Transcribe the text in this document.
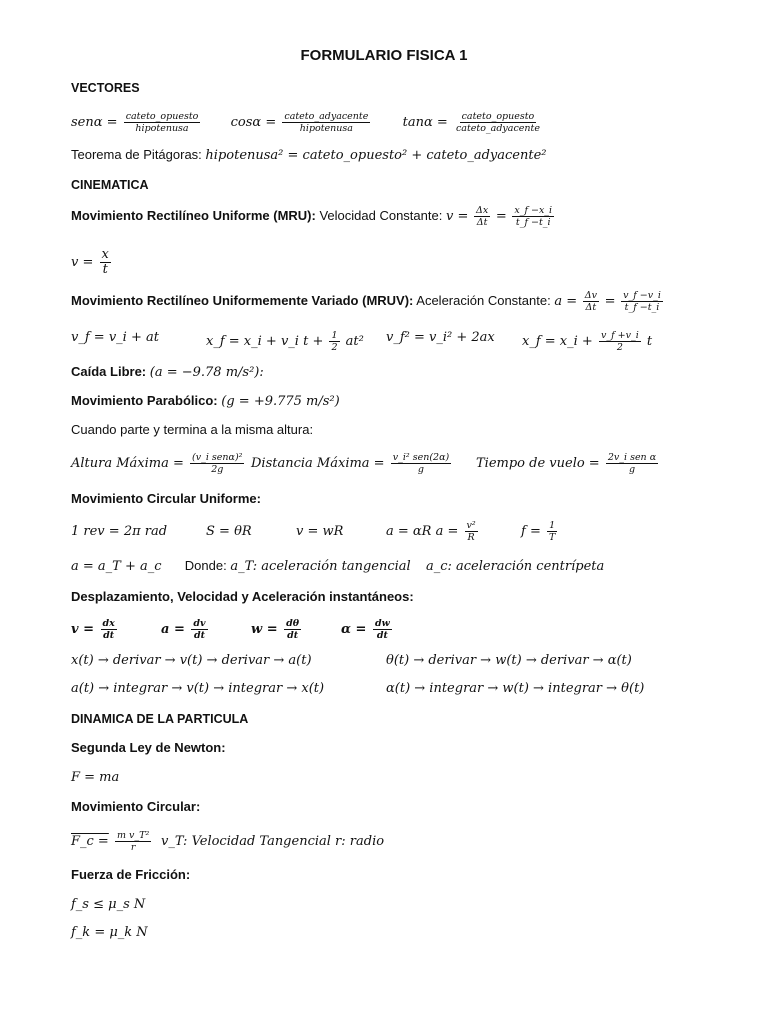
FORMULARIO FISICA 1
VECTORES
$sen\alpha = \frac{\text{cateto\_opuesto}}{\text{hipotenusa}}$ $\cos\alpha = \frac{\text{cateto\_adyacente}}{\text{hipotenusa}}$ $\tan\alpha = \frac{\text{cateto\_opuesto}}{\text{cateto\_adyacente}}$
Teorema de Pitágoras: hipotenusa² = cateto_opuesto² + cateto_adyacente²
CINEMATICA
Movimiento Rectilíneo Uniforme (MRU): Velocidad Constante: $v = \frac{\Delta x}{\Delta t} = \frac{x\_f -x\_i}{t\_f -t\_i}$
$v = \frac{x}{t}$
Movimiento Rectilíneo Uniformemente Variado (MRUV): Aceleración Constante: $a = \frac{\Delta v}{\Delta t} = \frac{v\_f -v\_i}{t\_f -t\_i}$
v_f = v_i + at	x_f = x_i + v_i $t + \frac{1}{2} at^2$ v_f² = v_i² + 2ax x_f = x_i + $\frac{v\_f +v\_i}{2}$ t
Caída Libre: (a = −9.78 m/s²):
Movimiento Parabólico: (g = +9.775 m/s²)
Cuando parte y termina a la misma altura:
Altura Máxima = $\frac{\text{(v\_i senα)²}}{2g}$ Distancia Máxima = $\frac{\text{v\_i² sen(2α)}}{g}$ Tiempo de vuelo = $\frac{\text{2v\_i sen α}}{g}$
Movimiento Circular Uniforme:
1 rev = 2π rad	S = θR	v = wR	a = αR $a = \frac{\text{v²}}{R}$	$f = \frac{1}{T}$
a = a_T + a_c Donde: a_T: aceleración tangencial a_c: aceleración centrípeta
Desplazamiento, Velocidad y Aceleración instantáneos:
$v = \frac{dx}{dt}$	$a = \frac{dv}{dt}$	$w = \frac{d\theta}{dt}$	$\alpha = \frac{dw}{dt}$
x(t) → derivar → v(t) → derivar → a(t)	θ(t) → derivar → w(t) → derivar → α(t)
a(t) → integrar → v(t) → integrar → x(t)	α(t) → integrar → w(t) → integrar → θ(t)
DINAMICA DE LA PARTICULA
Segunda Ley de Newton:
F = ma
Movimiento Circular:
F_c = $\frac{\text{m v\_T²}}{r}$ v_T: Velocidad Tangencial r: radio
Fuerza de Fricción:
f_s ≤ μ_s N
f_k = μ_k N
